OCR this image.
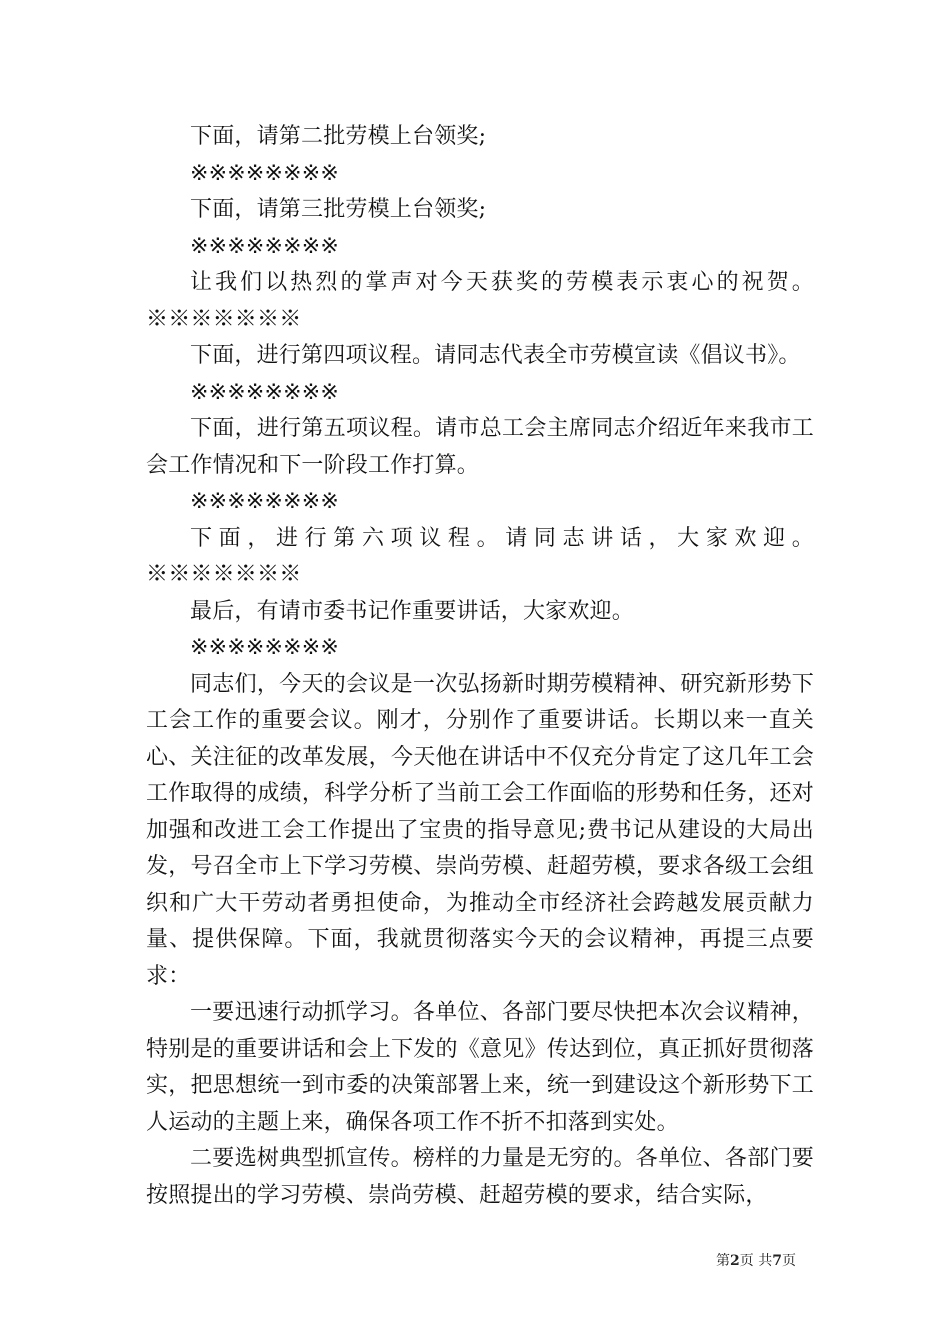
下面，请第二批劳模上台领奖;

※※※※※※※※

下面，请第三批劳模上台领奖;

※※※※※※※※

让我们以热烈的掌声对今天获奖的劳模表示衷心的祝贺。※※※※※※※

下面，进行第四项议程。请同志代表全市劳模宣读《倡议书》。

※※※※※※※※

下面，进行第五项议程。请市总工会主席同志介绍近年来我市工会工作情况和下一阶段工作打算。

※※※※※※※※

下面，进行第六项议程。请同志讲话，大家欢迎。※※※※※※※

最后，有请市委书记作重要讲话，大家欢迎。

※※※※※※※※

同志们，今天的会议是一次弘扬新时期劳模精神、研究新形势下工会工作的重要会议。刚才，分别作了重要讲话。长期以来一直关心、关注征的改革发展，今天他在讲话中不仅充分肯定了这几年工会工作取得的成绩，科学分析了当前工会工作面临的形势和任务，还对加强和改进工会工作提出了宝贵的指导意见;费书记从建设的大局出发，号召全市上下学习劳模、崇尚劳模、赶超劳模，要求各级工会组织和广大干劳动者勇担使命，为推动全市经济社会跨越发展贡献力量、提供保障。下面，我就贯彻落实今天的会议精神，再提三点要求：

一要迅速行动抓学习。各单位、各部门要尽快把本次会议精神，特别是的重要讲话和会上下发的《意见》传达到位，真正抓好贯彻落实，把思想统一到市委的决策部署上来，统一到建设这个新形势下工人运动的主题上来，确保各项工作不折不扣落到实处。

二要选树典型抓宣传。榜样的力量是无穷的。各单位、各部门要按照提出的学习劳模、崇尚劳模、赶超劳模的要求，结合实际，

第2页 共7页
